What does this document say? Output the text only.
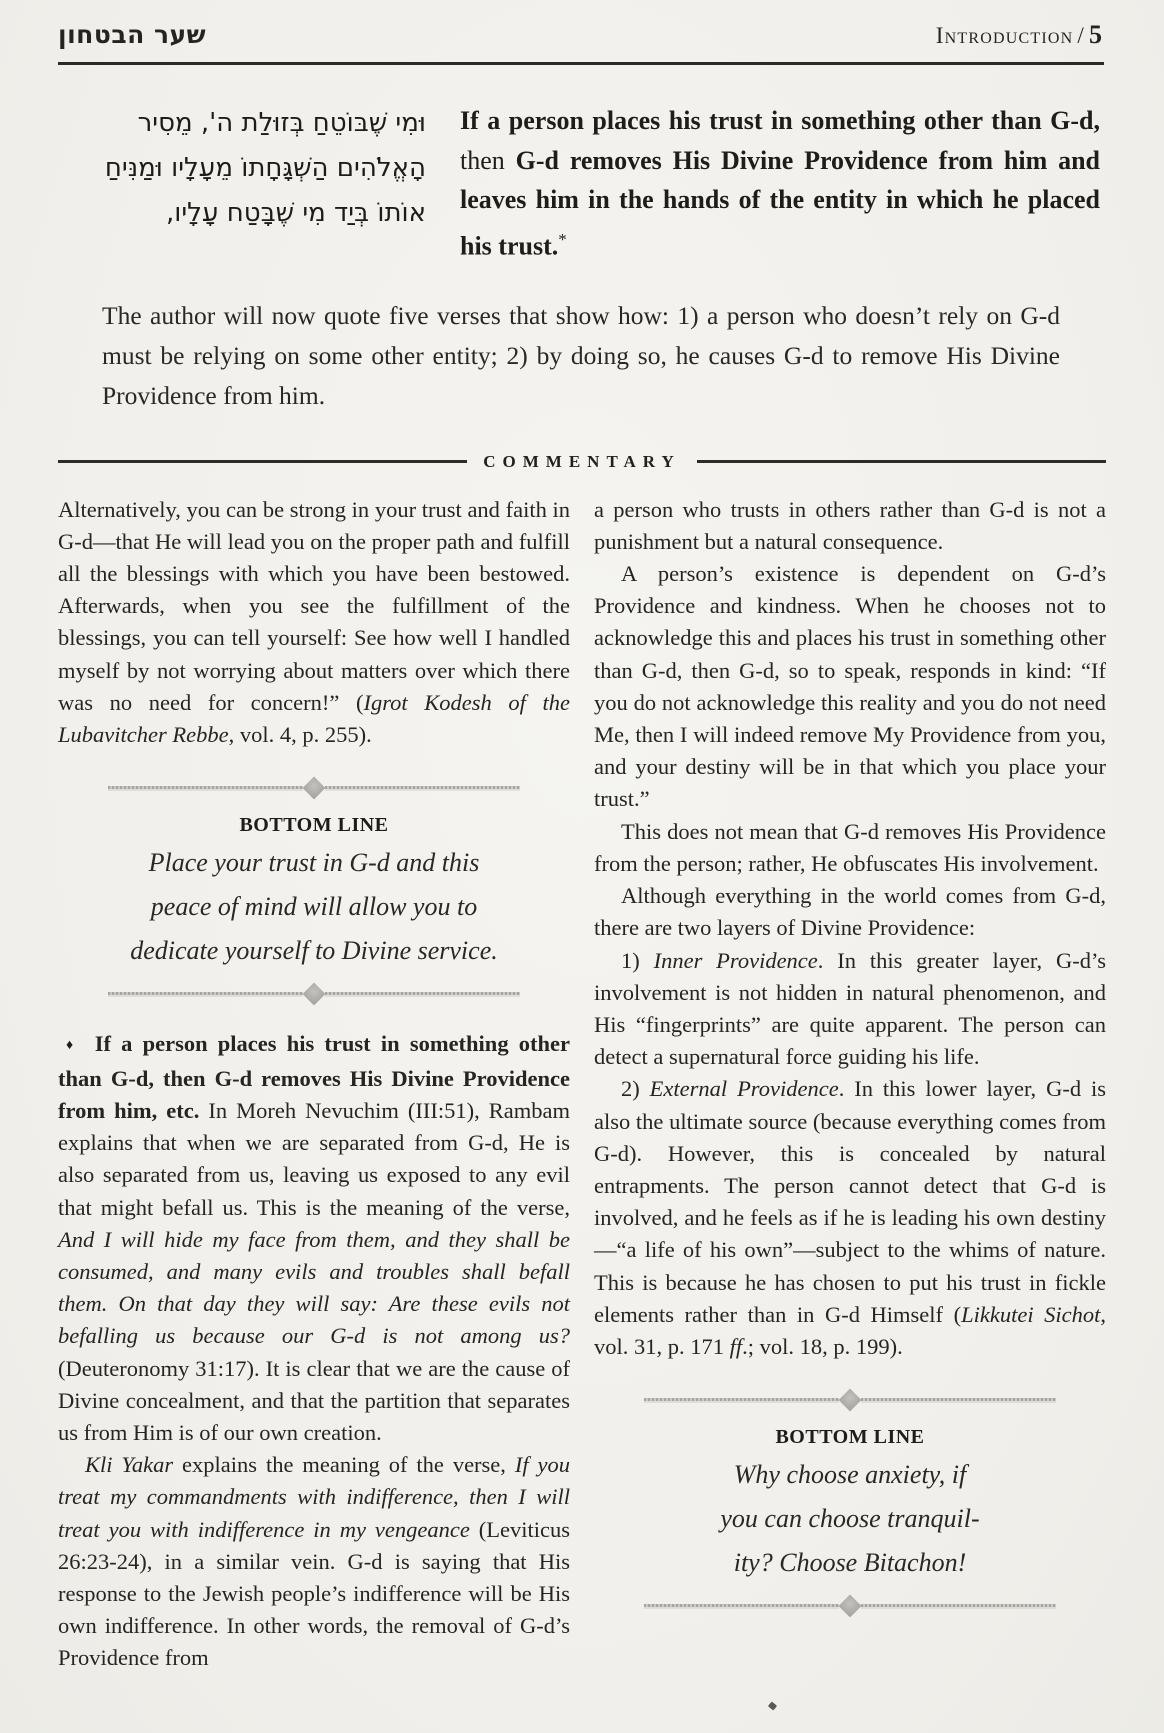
שער הבטחון	Introduction / 5
וּמִי שֶׁבּוֹטֵחַ בְּזוּלַת ה', מֵסִיר
הָאֱלֹהִים הַשְׁגָּחָתוֹ מֵעָלָיו וּמַנִּיחַ
אוֹתוֹ בְּיַד מִי שֶׁבָּטַח עָלָיו,
If a person places his trust in something other than G-d, then G-d removes His Divine Providence from him and leaves him in the hands of the entity in which he placed his trust.*

The author will now quote five verses that show how: 1) a person who doesn’t rely on G-d must be relying on some other entity; 2) by doing so, he causes G-d to remove His Divine Providence from him.

COMMENTARY

Alternatively, you can be strong in your trust and faith in G-d—that He will lead you on the proper path and fulfill all the blessings with which you have been bestowed. Afterwards, when you see the fulfillment of the blessings, you can tell yourself: See how well I handled myself by not worrying about matters over which there was no need for concern!” (Igrot Kodesh of the Lubavitcher Rebbe, vol. 4, p. 255).

BOTTOM LINE
Place your trust in G-d and this
peace of mind will allow you to
dedicate yourself to Divine service.

♦ If a person places his trust in something other than G-d, then G-d removes His Divine Providence from him, etc. In Moreh Nevuchim (III:51), Rambam explains that when we are separated from G-d, He is also separated from us, leaving us exposed to any evil that might befall us. This is the meaning of the verse, And I will hide my face from them, and they shall be consumed, and many evils and troubles shall befall them. On that day they will say: Are these evils not befalling us because our G-d is not among us? (Deuteronomy 31:17). It is clear that we are the cause of Divine concealment, and that the partition that separates us from Him is of our own creation.

Kli Yakar explains the meaning of the verse, If you treat my commandments with indifference, then I will treat you with indifference in my vengeance (Leviticus 26:23-24), in a similar vein. G-d is saying that His response to the Jewish people’s indifference will be His own indifference. In other words, the removal of G-d’s Providence from

a person who trusts in others rather than G-d is not a punishment but a natural consequence.

A person’s existence is dependent on G-d’s Providence and kindness. When he chooses not to acknowledge this and places his trust in something other than G-d, then G-d, so to speak, responds in kind: “If you do not acknowledge this reality and you do not need Me, then I will indeed remove My Providence from you, and your destiny will be in that which you place your trust.”

This does not mean that G-d removes His Providence from the person; rather, He obfuscates His involvement.

Although everything in the world comes from G-d, there are two layers of Divine Providence:

1) Inner Providence. In this greater layer, G-d’s involvement is not hidden in natural phenomenon, and His “fingerprints” are quite apparent. The person can detect a supernatural force guiding his life.

2) External Providence. In this lower layer, G-d is also the ultimate source (because everything comes from G-d). However, this is concealed by natural entrapments. The person cannot detect that G-d is involved, and he feels as if he is leading his own destiny—“a life of his own”—subject to the whims of nature. This is because he has chosen to put his trust in fickle elements rather than in G-d Himself (Likkutei Sichot, vol. 31, p. 171 ff.; vol. 18, p. 199).

BOTTOM LINE
Why choose anxiety, if
you can choose tranquil-
ity? Choose Bitachon!
